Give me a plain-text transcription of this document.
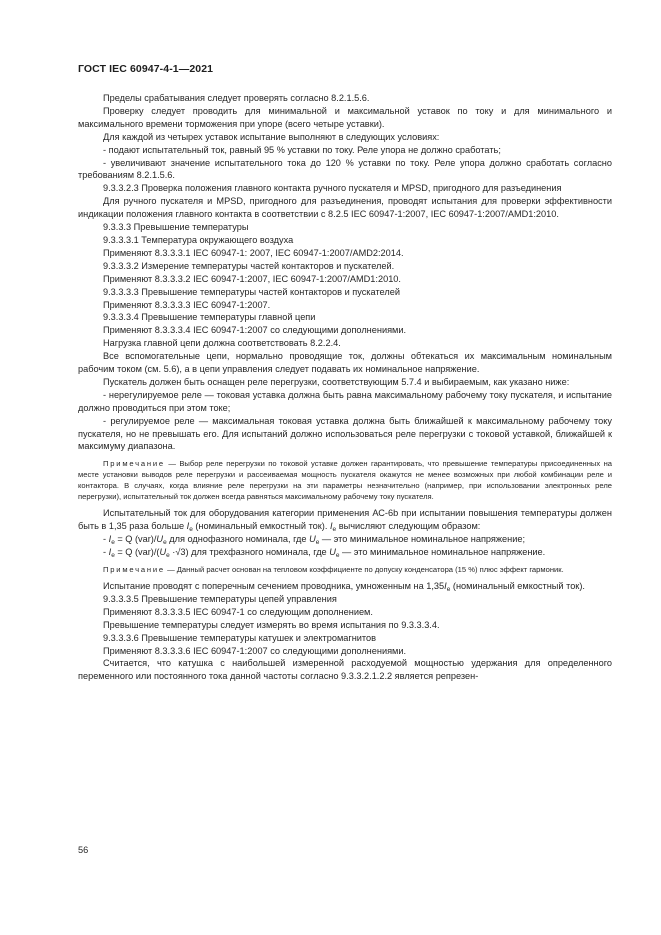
ГОСТ IEC 60947-4-1—2021

Пределы срабатывания следует проверять согласно 8.2.1.5.6.

Проверку следует проводить для минимальной и максимальной уставок по току и для минимального и максимального времени торможения при упоре (всего четыре уставки).

Для каждой из четырех уставок испытание выполняют в следующих условиях:

- подают испытательный ток, равный 95 % уставки по току. Реле упора не должно сработать;

- увеличивают значение испытательного тока до 120 % уставки по току. Реле упора должно сработать согласно требованиям 8.2.1.5.6.

9.3.3.2.3 Проверка положения главного контакта ручного пускателя и MPSD, пригодного для разъединения

Для ручного пускателя и MPSD, пригодного для разъединения, проводят испытания для проверки эффективности индикации положения главного контакта в соответствии с 8.2.5 IEC 60947-1:2007, IEC 60947-1:2007/AMD1:2010.

9.3.3.3 Превышение температуры

9.3.3.3.1 Температура окружающего воздуха

Применяют 8.3.3.3.1 IEC 60947-1: 2007, IEC 60947-1:2007/AMD2:2014.

9.3.3.3.2 Измерение температуры частей контакторов и пускателей.

Применяют 8.3.3.3.2 IEC 60947-1:2007, IEC 60947-1:2007/AMD1:2010.

9.3.3.3.3 Превышение температуры частей контакторов и пускателей

Применяют 8.3.3.3.3 IEC 60947-1:2007.

9.3.3.3.4 Превышение температуры главной цепи

Применяют 8.3.3.3.4 IEC 60947-1:2007 со следующими дополнениями.

Нагрузка главной цепи должна соответствовать 8.2.2.4.

Все вспомогательные цепи, нормально проводящие ток, должны обтекаться их максимальным номинальным рабочим током (см. 5.6), а в цепи управления следует подавать их номинальное напряжение.

Пускатель должен быть оснащен реле перегрузки, соответствующим 5.7.4 и выбираемым, как указано ниже:

- нерегулируемое реле — токовая уставка должна быть равна максимальному рабочему току пускателя, и испытание должно проводиться при этом токе;

- регулируемое реле — максимальная токовая уставка должна быть ближайшей к максимальному рабочему току пускателя, но не превышать его. Для испытаний должно использоваться реле перегрузки с токовой уставкой, ближайшей к максимуму диапазона.

Примечание — Выбор реле перегрузки по токовой уставке должен гарантировать, что превышение температуры присоединенных на месте установки выводов реле перегрузки и рассеиваемая мощность пускателя окажутся не менее возможных при любой комбинации реле и контактора. В случаях, когда влияние реле перегрузки на эти параметры незначительно (например, при использовании электронных реле перегрузки), испытательный ток должен всегда равняться максимальному рабочему току пускателя.

Испытательный ток для оборудования категории применения АС-6b при испытании повышения температуры должен быть в 1,35 раза больше $I_e$ (номинальный емкостный ток). $I_e$ вычисляют следующим образом:

- $I_e = Q$ $(var)/U_e$ для однофазного номинала, где $U_e$ — это минимальное номинальное напряжение;

- $I_e = Q$ $(var)/(U_e \cdot√3)$ для трехфазного номинала, где $U_e$ — это минимальное номинальное напряжение.

Примечание — Данный расчет основан на тепловом коэффициенте по допуску конденсатора (15 %) плюс эффект гармоник.

Испытание проводят с поперечным сечением проводника, умноженным на $1,35I_e$ (номинальный емкостный ток).

9.3.3.3.5 Превышение температуры цепей управления

Применяют 8.3.3.3.5 IEC 60947-1 со следующим дополнением.

Превышение температуры следует измерять во время испытания по 9.3.3.3.4.

9.3.3.3.6 Превышение температуры катушек и электромагнитов

Применяют 8.3.3.3.6 IEC 60947-1:2007 со следующими дополнениями.

Считается, что катушка с наибольшей измеренной расходуемой мощностью удержания для определенного переменного или постоянного тока данной частоты согласно 9.3.3.2.1.2.2 является репрезен-

56
